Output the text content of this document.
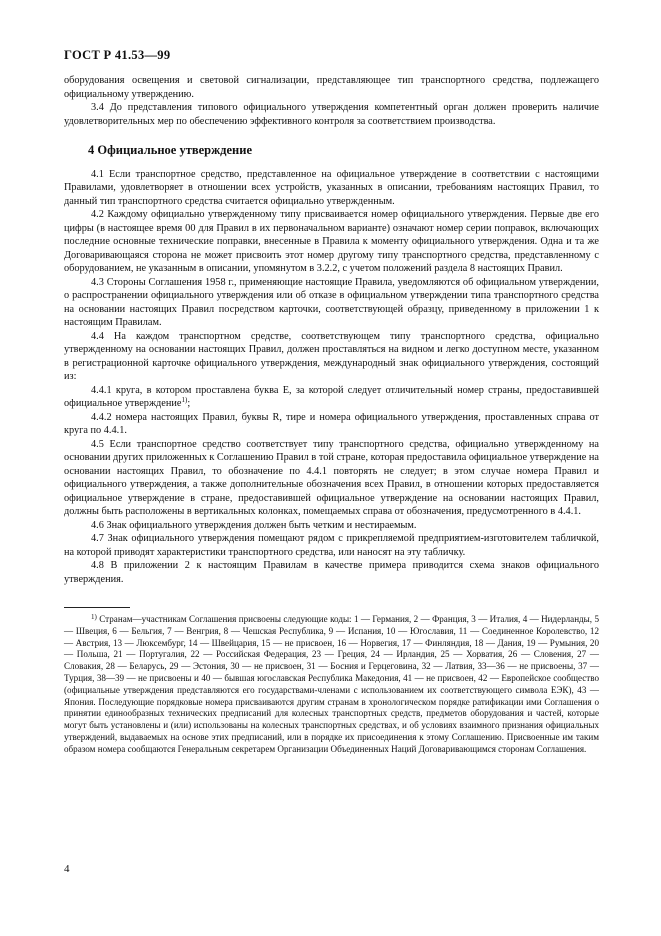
ГОСТ Р 41.53—99

оборудования освещения и световой сигнализации, представляющее тип транспортного средства, подлежащего официальному утверждению.

3.4 До представления типового официального утверждения компетентный орган должен проверить наличие удовлетворительных мер по обеспечению эффективного контроля за соответствием производства.

4 Официальное утверждение

4.1 Если транспортное средство, представленное на официальное утверждение в соответствии с настоящими Правилами, удовлетворяет в отношении всех устройств, указанных в описании, требованиям настоящих Правил, то данный тип транспортного средства считается официально утвержденным.

4.2 Каждому официально утвержденному типу присваивается номер официального утверждения. Первые две его цифры (в настоящее время 00 для Правил в их первоначальном варианте) означают номер серии поправок, включающих последние основные технические поправки, внесенные в Правила к моменту официального утверждения. Одна и та же Договаривающаяся сторона не может присвоить этот номер другому типу транспортного средства, представленному с оборудованием, не указанным в описании, упомянутом в 3.2.2, с учетом положений раздела 8 настоящих Правил.

4.3 Стороны Соглашения 1958 г., применяющие настоящие Правила, уведомляются об официальном утверждении, о распространении официального утверждения или об отказе в официальном утверждении типа транспортного средства на основании настоящих Правил посредством карточки, соответствующей образцу, приведенному в приложении 1 к настоящим Правилам.

4.4 На каждом транспортном средстве, соответствующем типу транспортного средства, официально утвержденному на основании настоящих Правил, должен проставляться на видном и легко доступном месте, указанном в регистрационной карточке официального утверждения, международный знак официального утверждения, состоящий из:

4.4.1 круга, в котором проставлена буква Е, за которой следует отличительный номер страны, предоставившей официальное утверждение$^{1)}$;

4.4.2 номера настоящих Правил, буквы R, тире и номера официального утверждения, проставленных справа от круга по 4.4.1.

4.5 Если транспортное средство соответствует типу транспортного средства, официально утвержденному на основании других приложенных к Соглашению Правил в той стране, которая предоставила официальное утверждение на основании настоящих Правил, то обозначение по 4.4.1 повторять не следует; в этом случае номера Правил и официального утверждения, а также дополнительные обозначения всех Правил, в отношении которых предоставляется официальное утверждение в стране, предоставившей официальное утверждение на основании настоящих Правил, должны быть расположены в вертикальных колонках, помещаемых справа от обозначения, предусмотренного в 4.4.1.

4.6 Знак официального утверждения должен быть четким и нестираемым.

4.7 Знак официального утверждения помещают рядом с прикрепляемой предприятием-изготовителем табличкой, на которой приводят характеристики транспортного средства, или наносят на эту табличку.

4.8 В приложении 2 к настоящим Правилам в качестве примера приводится схема знаков официального утверждения.

$^{1)}$ Странам—участникам Соглашения присвоены следующие коды: 1 — Германия, 2 — Франция, 3 — Италия, 4 — Нидерланды, 5 — Швеция, 6 — Бельгия, 7 — Венгрия, 8 — Чешская Республика, 9 — Испания, 10 — Югославия, 11 — Соединенное Королевство, 12 — Австрия, 13 — Люксембург, 14 — Швейцария, 15 — не присвоен, 16 — Норвегия, 17 — Финляндия, 18 — Дания, 19 — Румыния, 20 — Польша, 21 — Португалия, 22 — Российская Федерация, 23 — Греция, 24 — Ирландия, 25 — Хорватия, 26 — Словения, 27 — Словакия, 28 — Беларусь, 29 — Эстония, 30 — не присвоен, 31 — Босния и Герцеговина, 32 — Латвия, 33—36 — не присвоены, 37 — Турция, 38—39 — не присвоены и 40 — бывшая югославская Республика Македония, 41 — не присвоен, 42 — Европейское сообщество (официальные утверждения представляются его государствами-членами с использованием их соответствующего символа ЕЭК), 43 — Япония. Последующие порядковые номера присваиваются другим странам в хронологическом порядке ратификации ими Соглашения о принятии единообразных технических предписаний для колесных транспортных средств, предметов оборудования и частей, которые могут быть установлены и (или) использованы на колесных транспортных средствах, и об условиях взаимного признания официальных утверждений, выдаваемых на основе этих предписаний, или в порядке их присоединения к этому Соглашению. Присвоенные им таким образом номера сообщаются Генеральным секретарем Организации Объединенных Наций Договаривающимся сторонам Соглашения.

4
